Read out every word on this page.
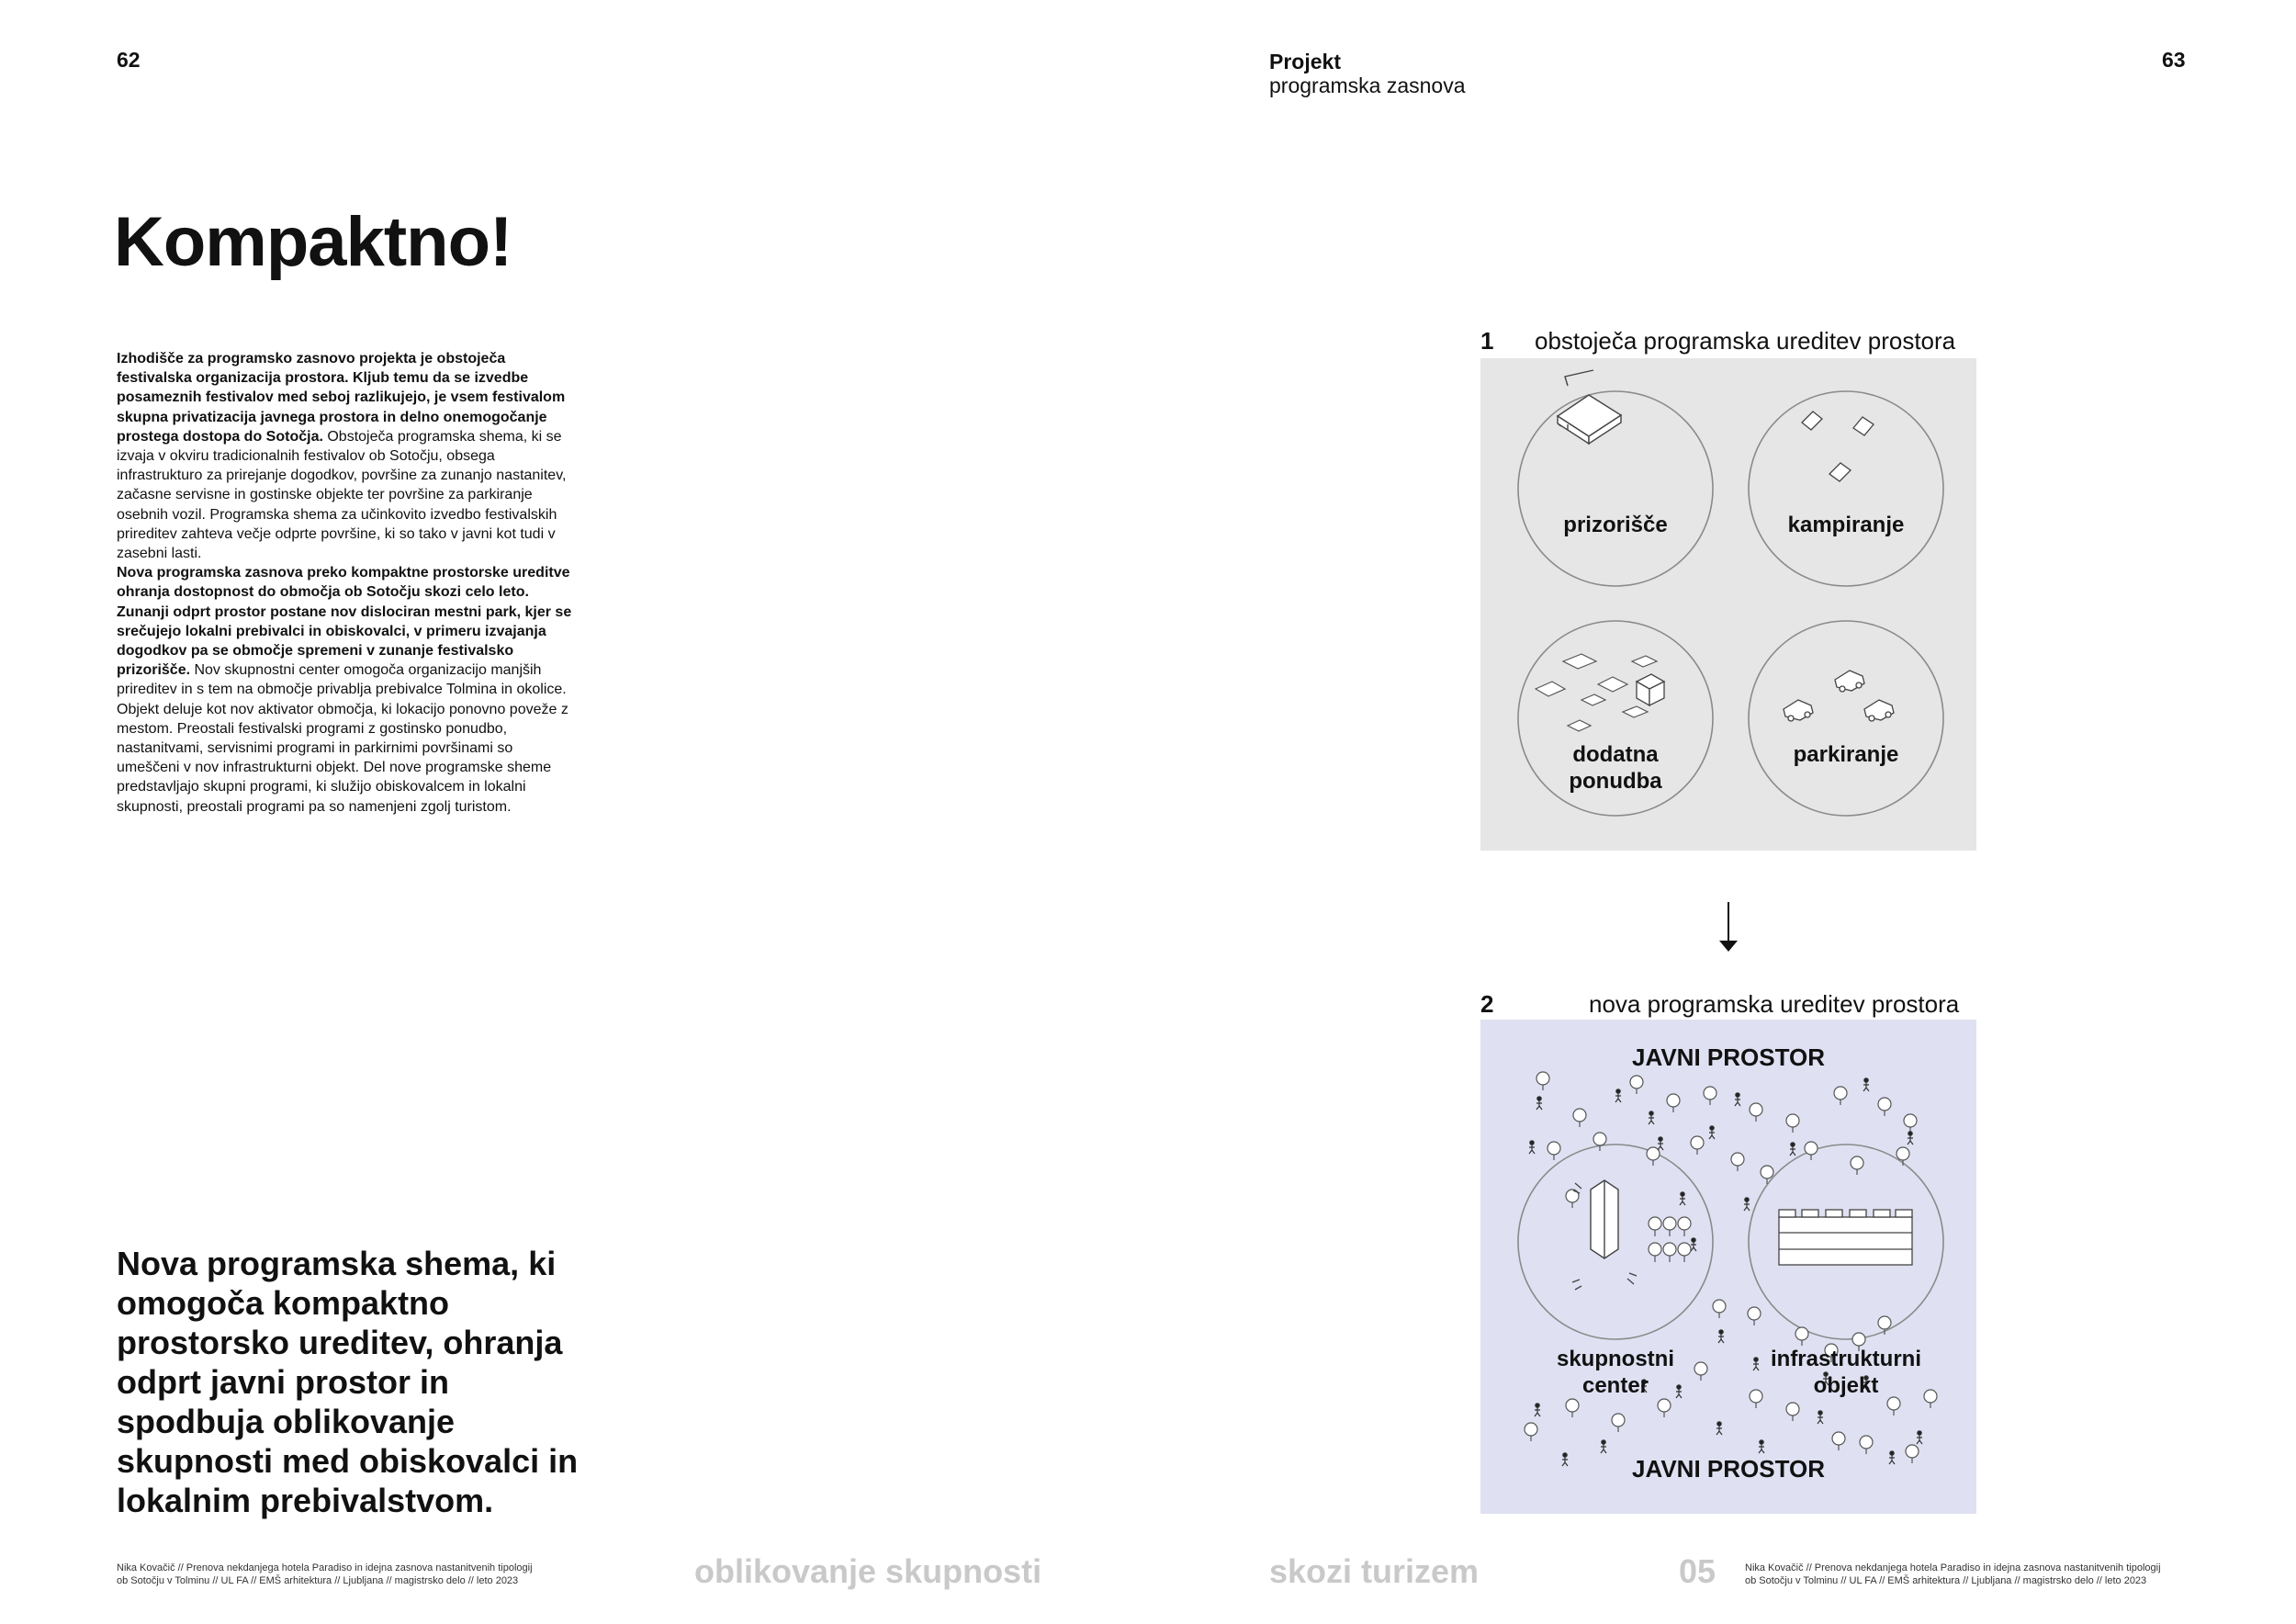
62	Projekt
programska zasnova
63
Kompaktno!
Izhodišče za programsko zasnovo projekta je obstoječa festivalska organizacija prostora. Kljub temu da se izvedbe posameznih festivalov med seboj razlikujejo, je vsem festivalom skupna privatizacija javnega prostora in delno onemogočanje prostega dostopa do Sotočja. Obstoječa programska shema, ki se izvaja v okviru tradicionalnih festivalov ob Sotočju, obsega infrastrukturo za prirejanje dogodkov, površine za zunanjo nastanitev, začasne servisne in gostinske objekte ter površine za parkiranje osebnih vozil. Programska shema za učinkovito izvedbo festivalskih prireditev zahteva večje odprte površine, ki so tako v javni kot tudi v zasebni lasti.
Nova programska zasnova preko kompaktne prostorske ureditve ohranja dostopnost do območja ob Sotočju skozi celo leto. Zunanji odprt prostor postane nov dislociran mestni park, kjer se srečujejo lokalni prebivalci in obiskovalci, v primeru izvajanja dogodkov pa se območje spremeni v zunanje festivalsko prizorišče. Nov skupnostni center omogoča organizacijo manjših prireditev in s tem na območje privablja prebivalce Tolmina in okolice. Objekt deluje kot nov aktivator območja, ki lokacijo ponovno poveže z mestom. Preostali festivalski programi z gostinsko ponudbo, nastanitvami, servisnimi programi in parkirnimi površinami so umeščeni v nov infrastrukturni objekt. Del nove programske sheme predstavljajo skupni programi, ki služijo obiskovalcem in lokalni skupnosti, preostali programi pa so namenjeni zgolj turistom.
Nova programska shema, ki omogoča kompaktno prostorsko ureditev, ohranja odprt javni prostor in spodbuja oblikovanje skupnosti med obiskovalci in lokalnim prebivalstvom.
1 obstoječa programska ureditev prostora
prizorišče	kampiranje
dodatna
ponudba
parkiranje
2	nova programska ureditev prostora
JAVNI PROSTOR
skupnostni
center
infrastrukturni
objekt
JAVNI PROSTOR
Nika Kovačič // Prenova nekdanjega hotela Paradiso in idejna zasnova nastanitvenih tipologij
ob Sotočju v Tolminu // UL FA // EMŠ arhitektura // Ljubljana // magistrsko delo // leto 2023	oblikovanje skupnosti	skozi turizem	05	Nika Kovačič // Prenova nekdanjega hotela Paradiso in idejna zasnova nastanitvenih tipologij
ob Sotočju v Tolminu // UL FA // EMŠ arhitektura // Ljubljana // magistrsko delo // leto 2023
